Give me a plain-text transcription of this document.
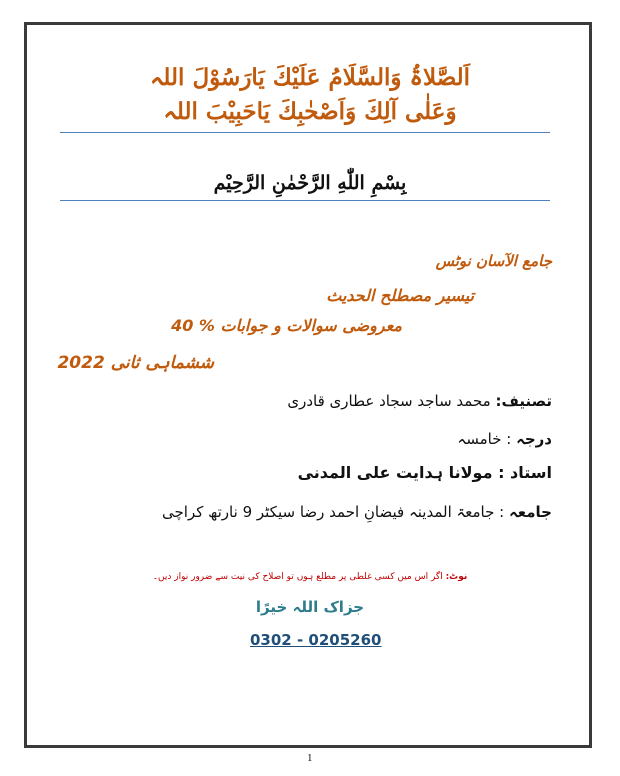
اَلصَّلاۃُ وَالسَّلَامُ عَلَیْكَ یَارَسُوْلَ اللہ
وَعَلٰی آلِكَ وَاَصْحٰبِكَ یَاحَبِیْبَ اللہ
بِسْمِ اللّٰهِ الرَّحْمٰنِ الرَّحِيْم
جامع الآسان نوٹس
تیسیر مصطلح الحدیث
معروضی سوالات و جوابات % 40
ششماہی ثانی 2022
تصنیف: محمد ساجد سجاد عطاری قادری
درجہ : خامسہ
استاد : مولانا ہدایت علی المدنی
جامعہ : جامعۃ المدینہ فیضانِ احمد رضا سیکٹر 9 نارتھ کراچی
نوٹ: اگر اس میں کسی غلطی پر مطلع ہوں تو اصلاح کی نیت سے ضرور نواز دیں۔
جزاک اللہ خیرًا
0302 - 0205260
1
